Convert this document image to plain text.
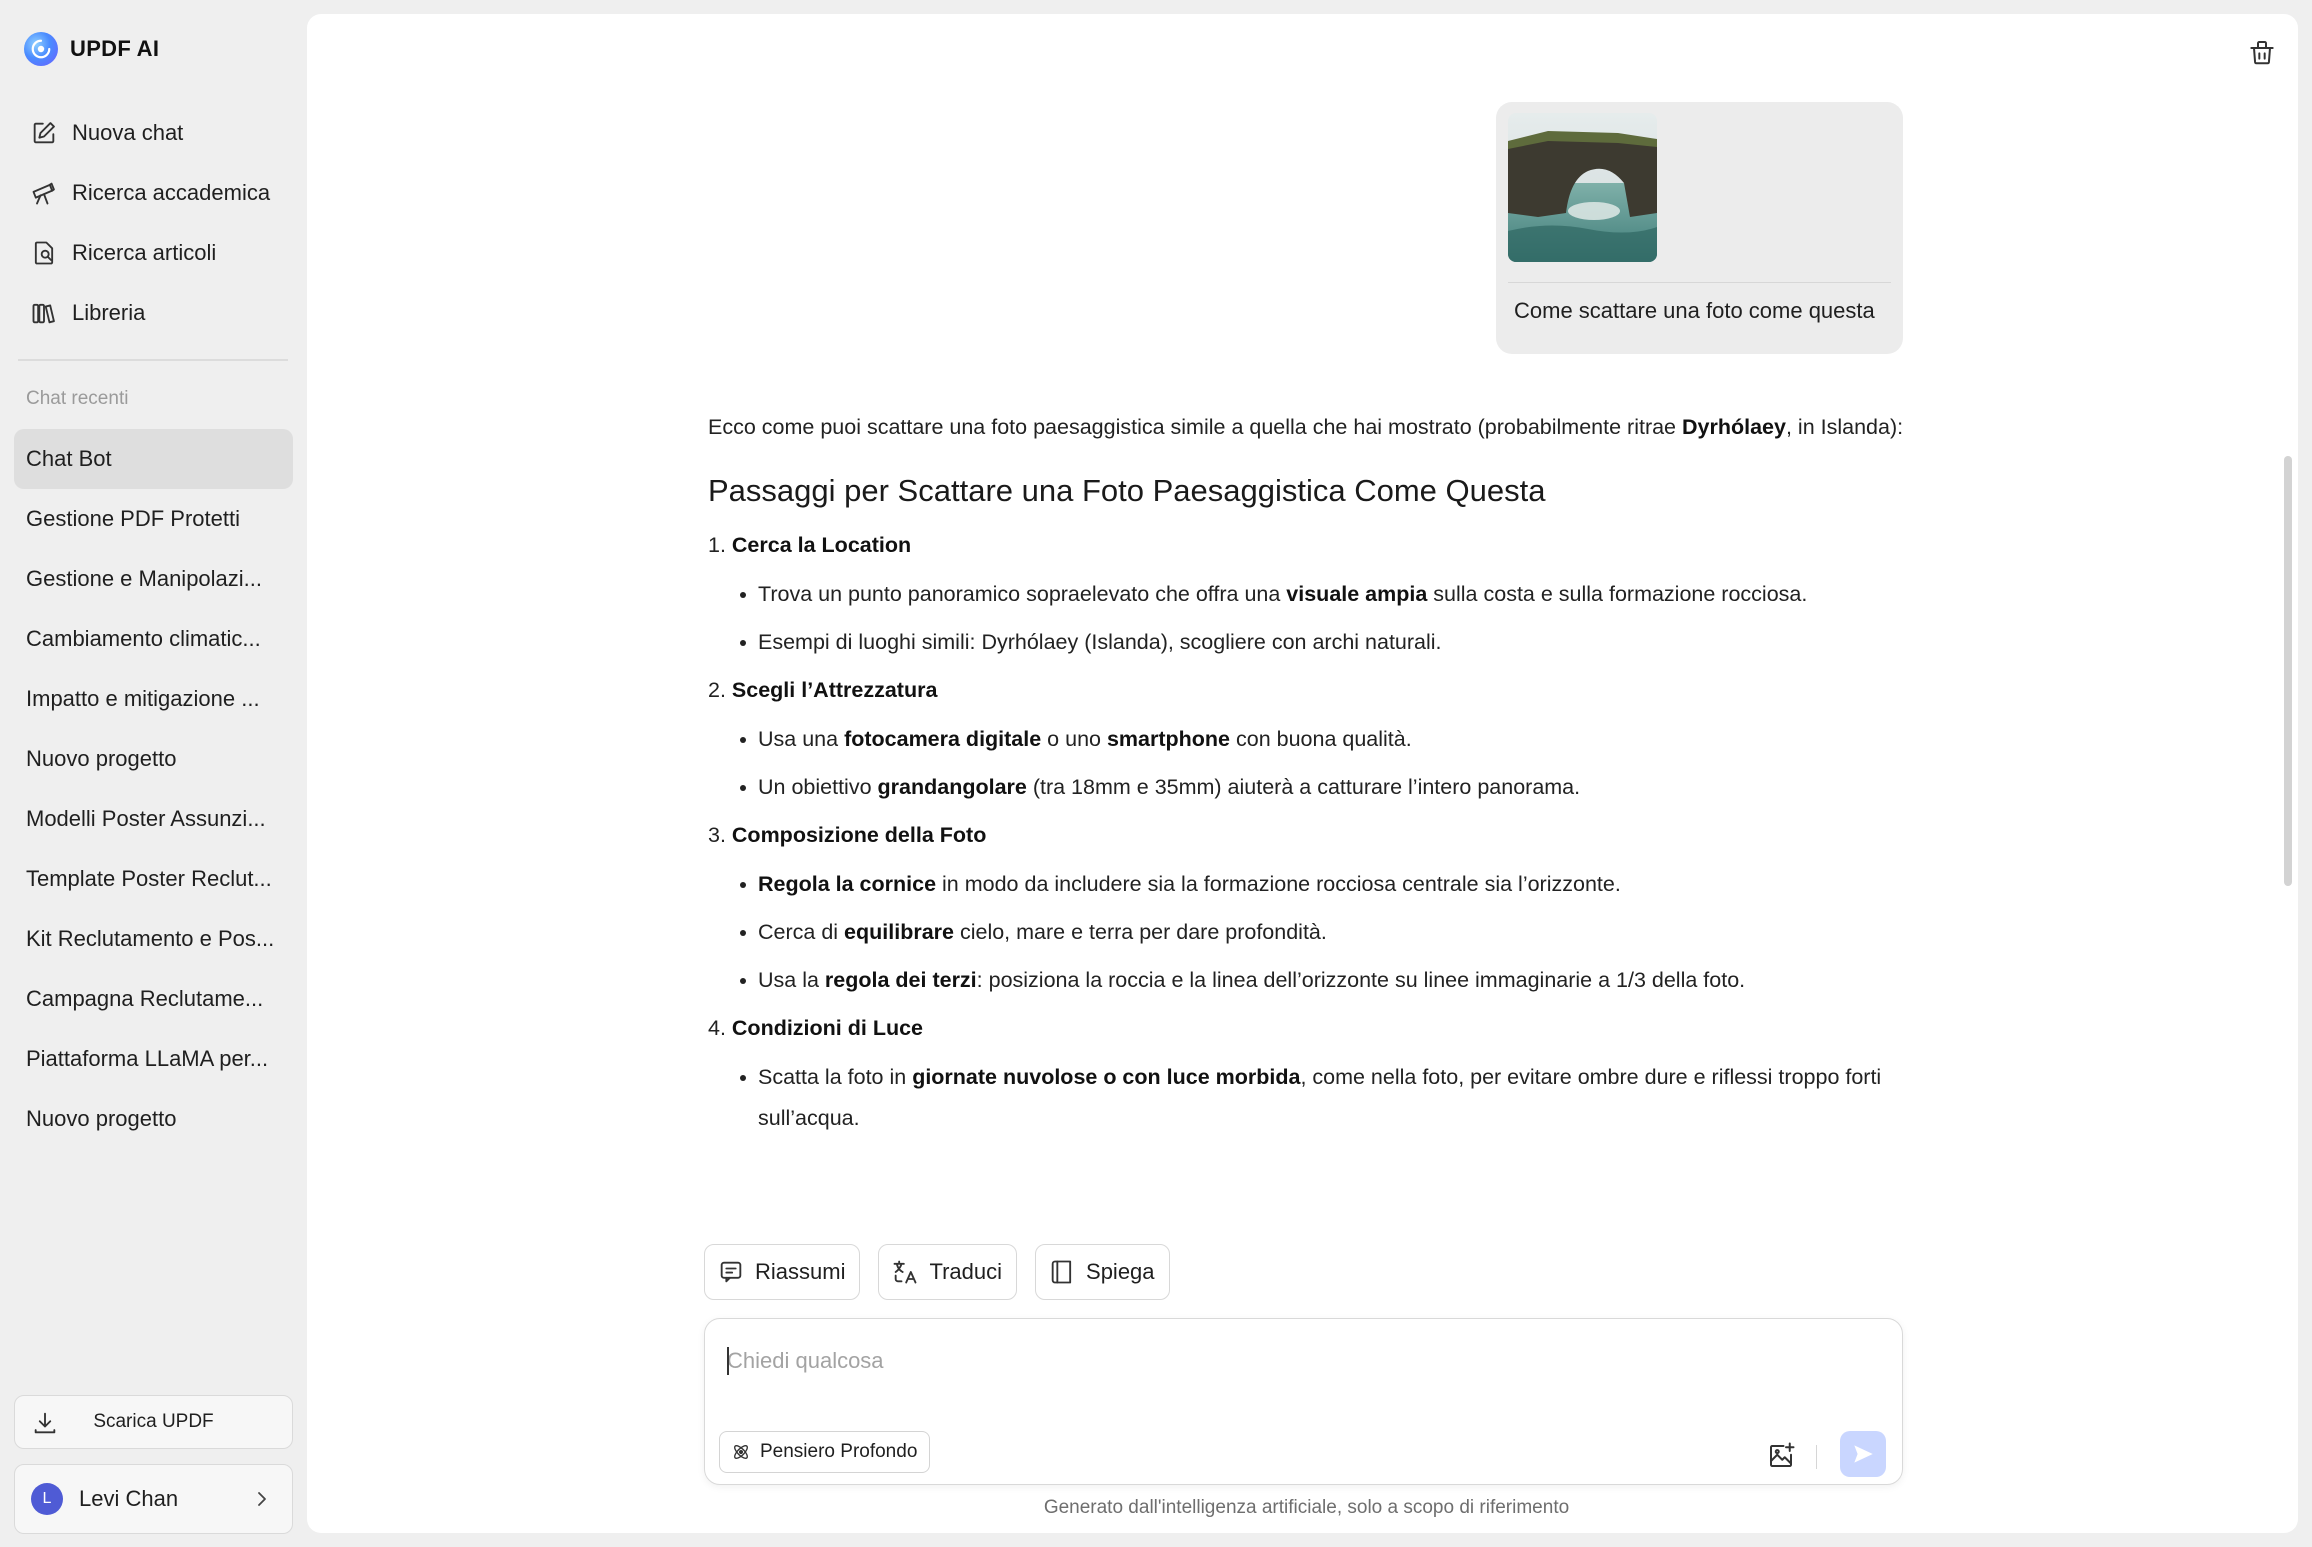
UPDF AI
Nuova chat
Ricerca accademica
Ricerca articoli
Libreria
Chat recenti
Chat Bot
Gestione PDF Protetti
Gestione e Manipolazi...
Cambiamento climatic...
Impatto e mitigazione ...
Nuovo progetto
Modelli Poster Assunzi...
Template Poster Reclut...
Kit Reclutamento e Pos...
Campagna Reclutame...
Piattaforma LLaMA per...
Nuovo progetto
Scarica UPDF
L	Levi Chan
Come scattare una foto come questa

Ecco come puoi scattare una foto paesaggistica simile a quella che hai mostrato (probabilmente ritrae Dyrhólaey, in Islanda):

Passaggi per Scattare una Foto Paesaggistica Come Questa
1. Cerca la Location
Trova un punto panoramico sopraelevato che offra una visuale ampia sulla costa e sulla formazione rocciosa.
Esempi di luoghi simili: Dyrhólaey (Islanda), scogliere con archi naturali.
2. Scegli l’Attrezzatura
Usa una fotocamera digitale o uno smartphone con buona qualità.
Un obiettivo grandangolare (tra 18mm e 35mm) aiuterà a catturare l’intero panorama.
3. Composizione della Foto
Regola la cornice in modo da includere sia la formazione rocciosa centrale sia l’orizzonte.
Cerca di equilibrare cielo, mare e terra per dare profondità.
Usa la regola dei terzi: posiziona la roccia e la linea dell’orizzonte su linee immaginarie a 1/3 della foto.
4. Condizioni di Luce
Scatta la foto in giornate nuvolose o con luce morbida, come nella foto, per evitare ombre dure e riflessi troppo forti sull’acqua.
Riassumi	Traduci	Spiega
Chiedi qualcosa
Pensiero Profondo
Generato dall'intelligenza artificiale, solo a scopo di riferimento
